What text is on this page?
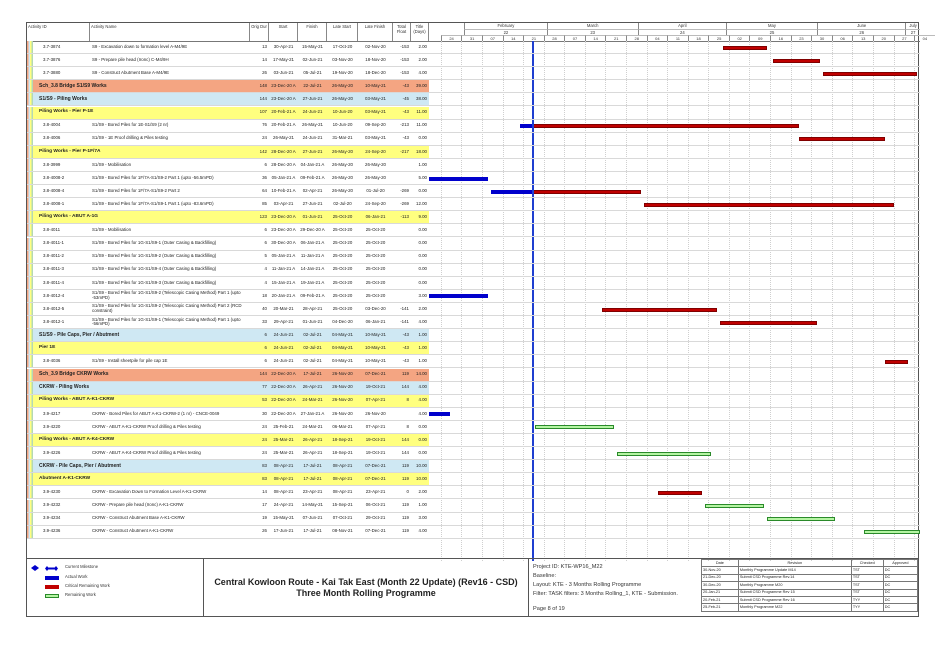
Activity ID	Activity Name	Orig Dur	Start	Finish	Late Start	Late Finish	Total Float
Title (Days)
February
22
March
23
April
24
May
25
June
26
July
27
24	31	07	14	21	28	07	14	21	28	04	11	18	25	02	09	16	23	30	06	13	20	27	04
3.7-3874	S9 - Excavation down to formation level A-M4/9E	13	30-Apr-21	15-May-21	17-Oct-20	02-Nov-20	-153	2.00
3.7-3876	S9 - Prepare pile head (Ironc) C-M4/9H	14	17-May-21	02-Jun-21	03-Nov-20	18-Nov-20	-153	2.00
3.7-3880	S9 - Construct Abutment Base A-M4/9E	26	03-Jun-21	05-Jul-21	19-Nov-20	18-Dec-20	-153	4.00
Sch_3.8 Bridge S1/S9 Works	148 23-Dec-20 A	22-Jul-21	26-May-20	10-May-21	-43	39.00
S1/S9 - Piling Works	144 23-Dec-20 A	27-Jun-21	26-May-20	03-May-21	-45	38.00
Piling Works - Pier P-1E	107	20-Feb-21 A	24-Jun-21	10-Jun-20	03-May-21	-43	11.00
3.8-4004	S1/S9 - Bored Piles for 1E-S1/S9 (2 nr)	76	20-Feb-21 A	26-May-21	10-Jun-20	09-Sep-20	-213	11.00
3.8-4006	S1/S9 - 1E Proof drilling & Piles testing	24	26-May-21	24-Jun-21	31-Mar-21	03-May-21	-43	0.00
Piling Works - Pier P-1F/7A	142 28-Dec-20 A	27-Jun-21	26-May-20	24-Sep-20	-217	18.00
3.8-3999	S1/S9 - Mobilisation	6 28-Dec-20 A	04-Jan-21 A	26-May-20	26-May-20	1.00
3.8-4008-2	S1/S9 - Bored Piles for 1F/7A-S1/S9-2 Part 1 (upto -56.5mPD)	36	05-Jan-21 A	09-Feb-21 A	26-May-20	26-May-20	5.00
3.8-4008-4	S1/S9 - Bored Piles for 1F/7A-S1/S9-2 Part 2	64	10-Feb-21 A	02-Apr-21	26-May-20	01-Jul-20	-269	0.00
3.8-4008-1	S1/S9 - Bored Piles for 1F/7A-S1/S9-1 Part 1 (upto -83.6mPD)	85	03-Apr-21	27-Jun-21	02-Jul-20	24-Sep-20	-269	12.00
Piling Works - ABUT A-1G	123 23-Dec-20 A	01-Jun-21	25-Oct-20	06-Jan-21	-113	9.00
3.8-4011	S1/S9 - Mobilisation	6 23-Dec-20 A	29-Dec-20 A	25-Oct-20	25-Oct-20	0.00
3.8-4011-1	S1/S9 - Bored Piles for 1G-S1/S9-1 (Outer Casing & Backfilling)	6 30-Dec-20 A	06-Jan-21 A	25-Oct-20	25-Oct-20	0.00
3.8-4011-2	S1/S9 - Bored Piles for 1G-S1/S9-2 (Outer Casing & Backfilling)	5	05-Jan-21 A	11-Jan-21 A	25-Oct-20	25-Oct-20	0.00
3.8-4011-3	S1/S9 - Bored Piles for 1G-S1/S9-4 (Outer Casing & Backfilling)	4	11-Jan-21 A	14-Jan-21 A	25-Oct-20	25-Oct-20	0.00
3.8-4011-4	S1/S9 - Bored Piles for 1G-S1/S9-3 (Outer Casing & Backfilling)	4	15-Jan-21 A	19-Jan-21 A	25-Oct-20	25-Oct-20	0.00
3.8-4012-4	S1/S9 - Bored Piles for 1G-S1/S9-2 (Telescopic Casing Method) Part 1 (upto -53mPD)	18	20-Jan-21 A	09-Feb-21 A	25-Oct-20	25-Oct-20	3.00
3.8-4012-5	S1/S9 - Bored Piles for 1G-S1/S9-2 (Telescopic Casing Method) Part 2 (RCD constraint)	40	20-Mar-21	28-Apr-21	25-Oct-20	03-Dec-20	-141	2.00
3.8-4012-1	S1/S9 - Bored Piles for 1G-S1/S9-1 (Telescopic Casing Method) Part 1 (upto -56mPD)	33	29-Apr-21	01-Jun-21	04-Dec-20	06-Jan-21	-141	4.00
S1/S9 - Pile Caps, Pier / Abutment	6	24-Jun-21	02-Jul-21	04-May-21	10-May-21	-43	1.00
Pier 1E	6	24-Jun-21	02-Jul-21	04-May-21	10-May-21	-43	1.00
3.8-4036	S1/S9 - Install sheetpile for pile cap 1E	6	24-Jun-21	02-Jul-21	04-May-21	10-May-21	-43	1.00
Sch_3.9 Bridge CKRW Works	144 22-Dec-20 A	17-Jul-21	26-Nov-20	07-Dec-21	119	14.00
CKRW - Piling Works	77 22-Dec-20 A	26-Apr-21	26-Nov-20	19-Oct-21	144	4.00
Piling Works - ABUT A-K1-CKRW	53 22-Dec-20 A	24-Mar-21	26-Nov-20	07-Apr-21	8	4.00
3.9-4217	CKRW - Bored Piles for ABUT A-K1-CKRW-2 (1 nr) - CNCE-0049	30 22-Dec-20 A	27-Jan-21 A	26-Nov-20	26-Nov-20	4.00
3.9-4220	CKRW - ABUT A-K1-CKRW Proof drilling & Piles testing	24	25-Feb-21	24-Mar-21	06-Mar-21	07-Apr-21	8	0.00
Piling Works - ABUT A-K4-CKRW	24	25-Mar-21	26-Apr-21	18-Sep-21	19-Oct-21	144	0.00
3.9-4226	CKRW - ABUT A-K4-CKRW Proof drilling & Piles testing	24	25-Mar-21	26-Apr-21	18-Sep-21	19-Oct-21	144	0.00
CKRW - Pile Caps, Pier / Abutment	83	08-Apr-21	17-Jul-21	08-Apr-21	07-Dec-21	119	10.00
Abutment A-K1-CKRW	83	08-Apr-21	17-Jul-21	08-Apr-21	07-Dec-21	119	10.00
3.9-4230	CKRW - Excavation Down to Formation Level A-K1-CKRW	14	08-Apr-21	23-Apr-21	08-Apr-21	23-Apr-21	0	2.00
3.9-4232	CKRW - Prepare pile head (Ironc) A-K1-CKRW	17	24-Apr-21	14-May-21	15-Sep-21	06-Oct-21	119	1.00
3.9-4234	CKRW - Construct Abutment Base A-K1-CKRW	19	15-May-21	07-Jun-21	07-Oct-21	29-Oct-21	119	3.00
3.9-4236	CKRW - Construct Abutment A-K1-CKRW	26	17-Jun-21	17-Jul-21	08-Nov-21	07-Dec-21	119	4.00
Current Milestone
Actual Work
Critical Remaining Work
Remaining Work
Central Kowloon Route - Kai Tak East (Month 22 Update) (Rev16 - CSD)
Three Month Rolling Programme
Project ID: KTE-WP16_M22
Baseline:
Layout: KTE - 3 Months Rolling Programme
Filter: TASK filters: 3 Months Rolling_1, KTE - Submission.
Page 8 of 19
Date	Revision	Checked	Approved
30-Nov-20	Monthly Programme Update M14	TST	DC
21-Dec-20	Submit CSD Programme Rev.14	TST	DC
30-Dec-20	Monthly Programme M20	TST	DC
20-Jan-21	Submit CSD Programme Rev 15	TST	DC
20-Feb-21	Submit CSD Programme Rev 16	TYY	DC
25-Feb-21	Monthly Programme M22	TYY	DC
